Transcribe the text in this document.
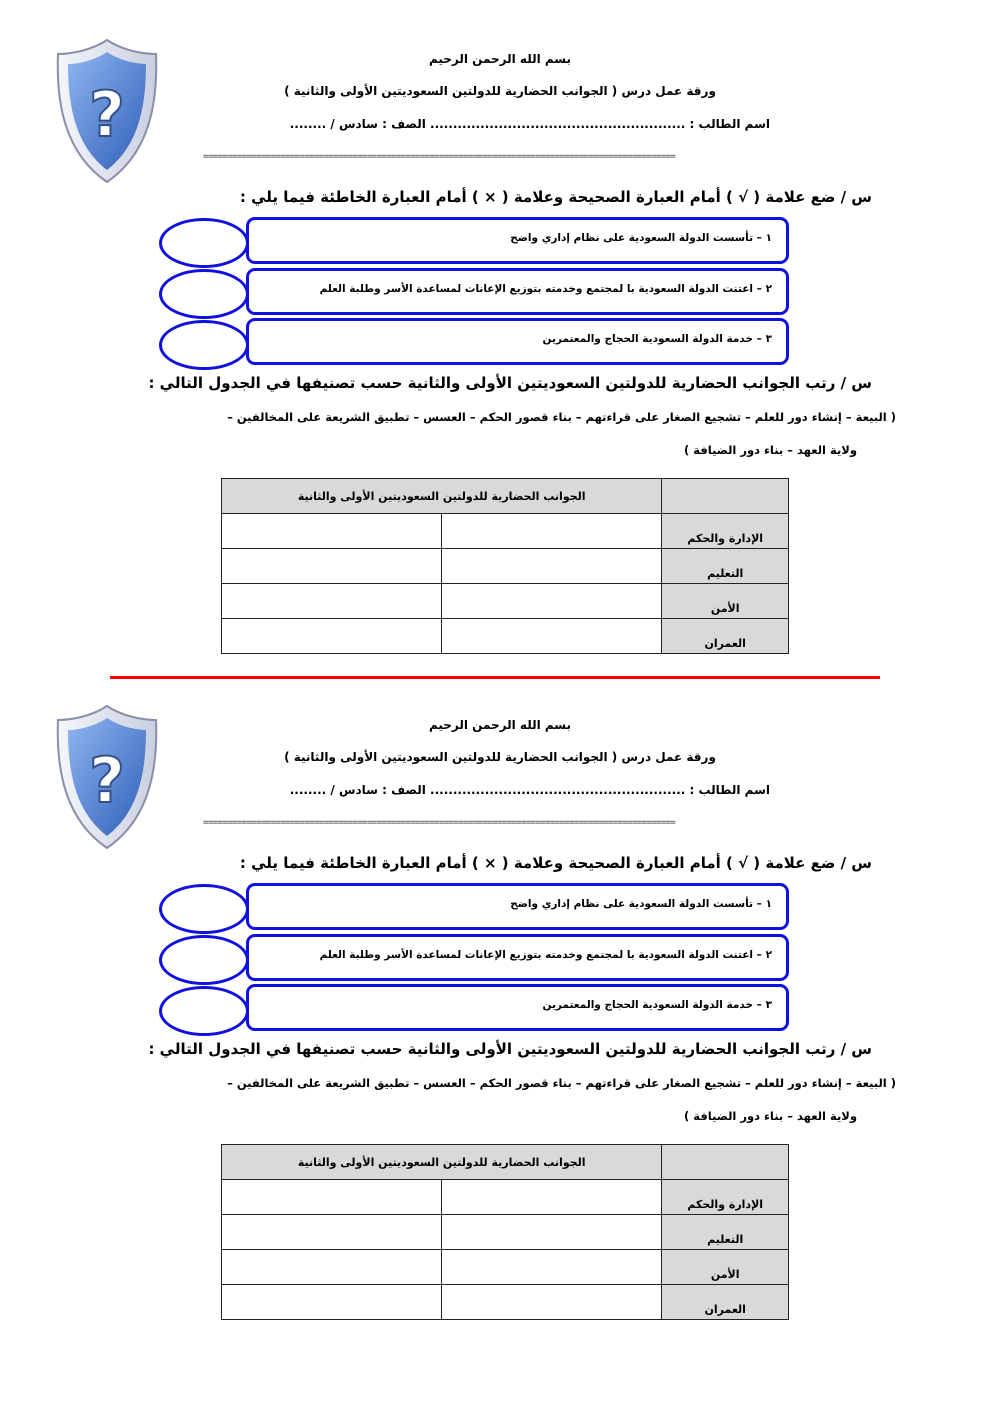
?
بسم الله الرحمن الرحيم
ورقة عمل درس ( الجوانب الحضارية للدولتين السعوديتين الأولى والثانية )
اسم الطالب : ........................................................ الصف : سادس / ........
==================================================================================================
س / ضع علامة ( √ ) أمام العبارة الصحيحة وعلامة ( × ) أمام العبارة الخاطئة فيما يلي :
١ – تأسست الدولة السعودية على نظام إداري واضح
٢ – اعتنت الدولة السعودية با لمجتمع وخدمته بتوزيع الإعانات لمساعدة الأسر وطلبة العلم
٣ – خدمة الدولة السعودية الحجاج والمعتمرين
س / رتب الجوانب الحضارية للدولتين السعوديتين الأولى والثانية حسب تصنيفها في الجدول التالي :
( البيعة – إنشاء دور للعلم – تشجيع الصغار على قراءتهم – بناء قصور الحكم – العسس – تطبيق الشريعة على المخالفين –
ولاية العهد – بناء دور الضيافة )
	الجوانب الحضارية للدولتين السعوديتين الأولى والثانية	
الإدارة والحكم		
التعليم		
الأمن		
العمران		
?
بسم الله الرحمن الرحيم
ورقة عمل درس ( الجوانب الحضارية للدولتين السعوديتين الأولى والثانية )
اسم الطالب : ........................................................ الصف : سادس / ........
==================================================================================================
س / ضع علامة ( √ ) أمام العبارة الصحيحة وعلامة ( × ) أمام العبارة الخاطئة فيما يلي :
١ – تأسست الدولة السعودية على نظام إداري واضح
٢ – اعتنت الدولة السعودية با لمجتمع وخدمته بتوزيع الإعانات لمساعدة الأسر وطلبة العلم
٣ – خدمة الدولة السعودية الحجاج والمعتمرين
س / رتب الجوانب الحضارية للدولتين السعوديتين الأولى والثانية حسب تصنيفها في الجدول التالي :
( البيعة – إنشاء دور للعلم – تشجيع الصغار على قراءتهم – بناء قصور الحكم – العسس – تطبيق الشريعة على المخالفين –
ولاية العهد – بناء دور الضيافة )
	الجوانب الحضارية للدولتين السعوديتين الأولى والثانية	
الإدارة والحكم		
التعليم		
الأمن		
العمران		
